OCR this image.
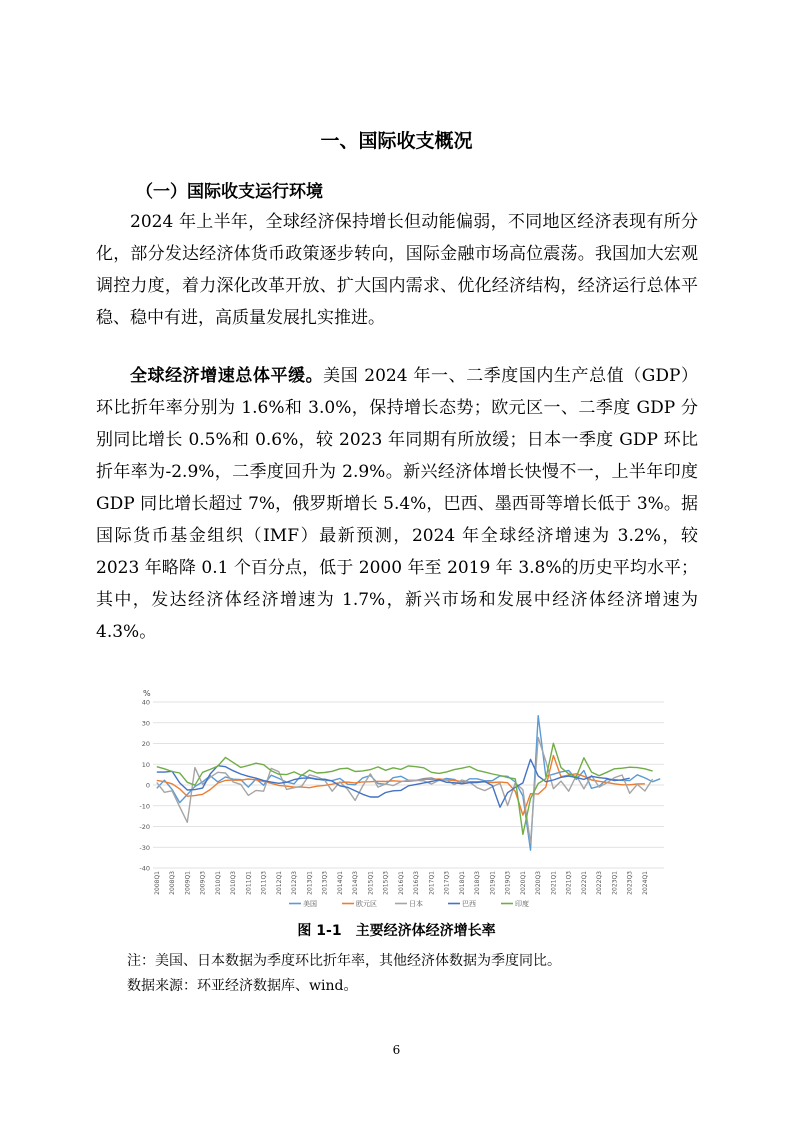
一、国际收支概况
（一）国际收支运行环境

2024 年上半年，全球经济保持增长但动能偏弱，不同地区经济表现有所分化，部分发达经济体货币政策逐步转向，国际金融市场高位震荡。我国加大宏观调控力度，着力深化改革开放、扩大国内需求、优化经济结构，经济运行总体平稳、稳中有进，高质量发展扎实推进。

全球经济增速总体平缓。美国 2024 年一、二季度国内生产总值（GDP）环比折年率分别为 1.6%和 3.0%，保持增长态势；欧元区一、二季度 GDP 分别同比增长 0.5%和 0.6%，较 2023 年同期有所放缓；日本一季度 GDP 环比折年率为-2.9%，二季度回升为 2.9%。新兴经济体增长快慢不一，上半年印度 GDP 同比增长超过 7%，俄罗斯增长 5.4%，巴西、墨西哥等增长低于 3%。据国际货币基金组织（IMF）最新预测，2024 年全球经济增速为 3.2%，较 2023 年略降 0.1 个百分点，低于 2000 年至 2019 年 3.8%的历史平均水平；其中，发达经济体经济增速为 1.7%，新兴市场和发展中经济体经济增速为 4.3%。

%
40
30
20
10
0
-10
-20
-30
-40
2008Q1 2008Q3 2009Q1 2009Q3 2010Q1 2010Q3 2011Q1 2011Q3 2012Q1 2012Q3 2013Q1 2013Q3 2014Q1 2014Q3 2015Q1 2015Q3 2016Q1 2016Q3 2017Q1 2017Q3 2018Q1 2018Q3 2019Q1 2019Q3 2020Q1 2020Q3 2021Q1 2021Q3 2022Q1 2022Q3 2023Q1 2023Q3 2024Q1
美国	欧元区	日本	巴西	印度
图 1-1　主要经济体经济增长率
注：美国、日本数据为季度环比折年率，其他经济体数据为季度同比。
数据来源：环亚经济数据库、wind。
6
